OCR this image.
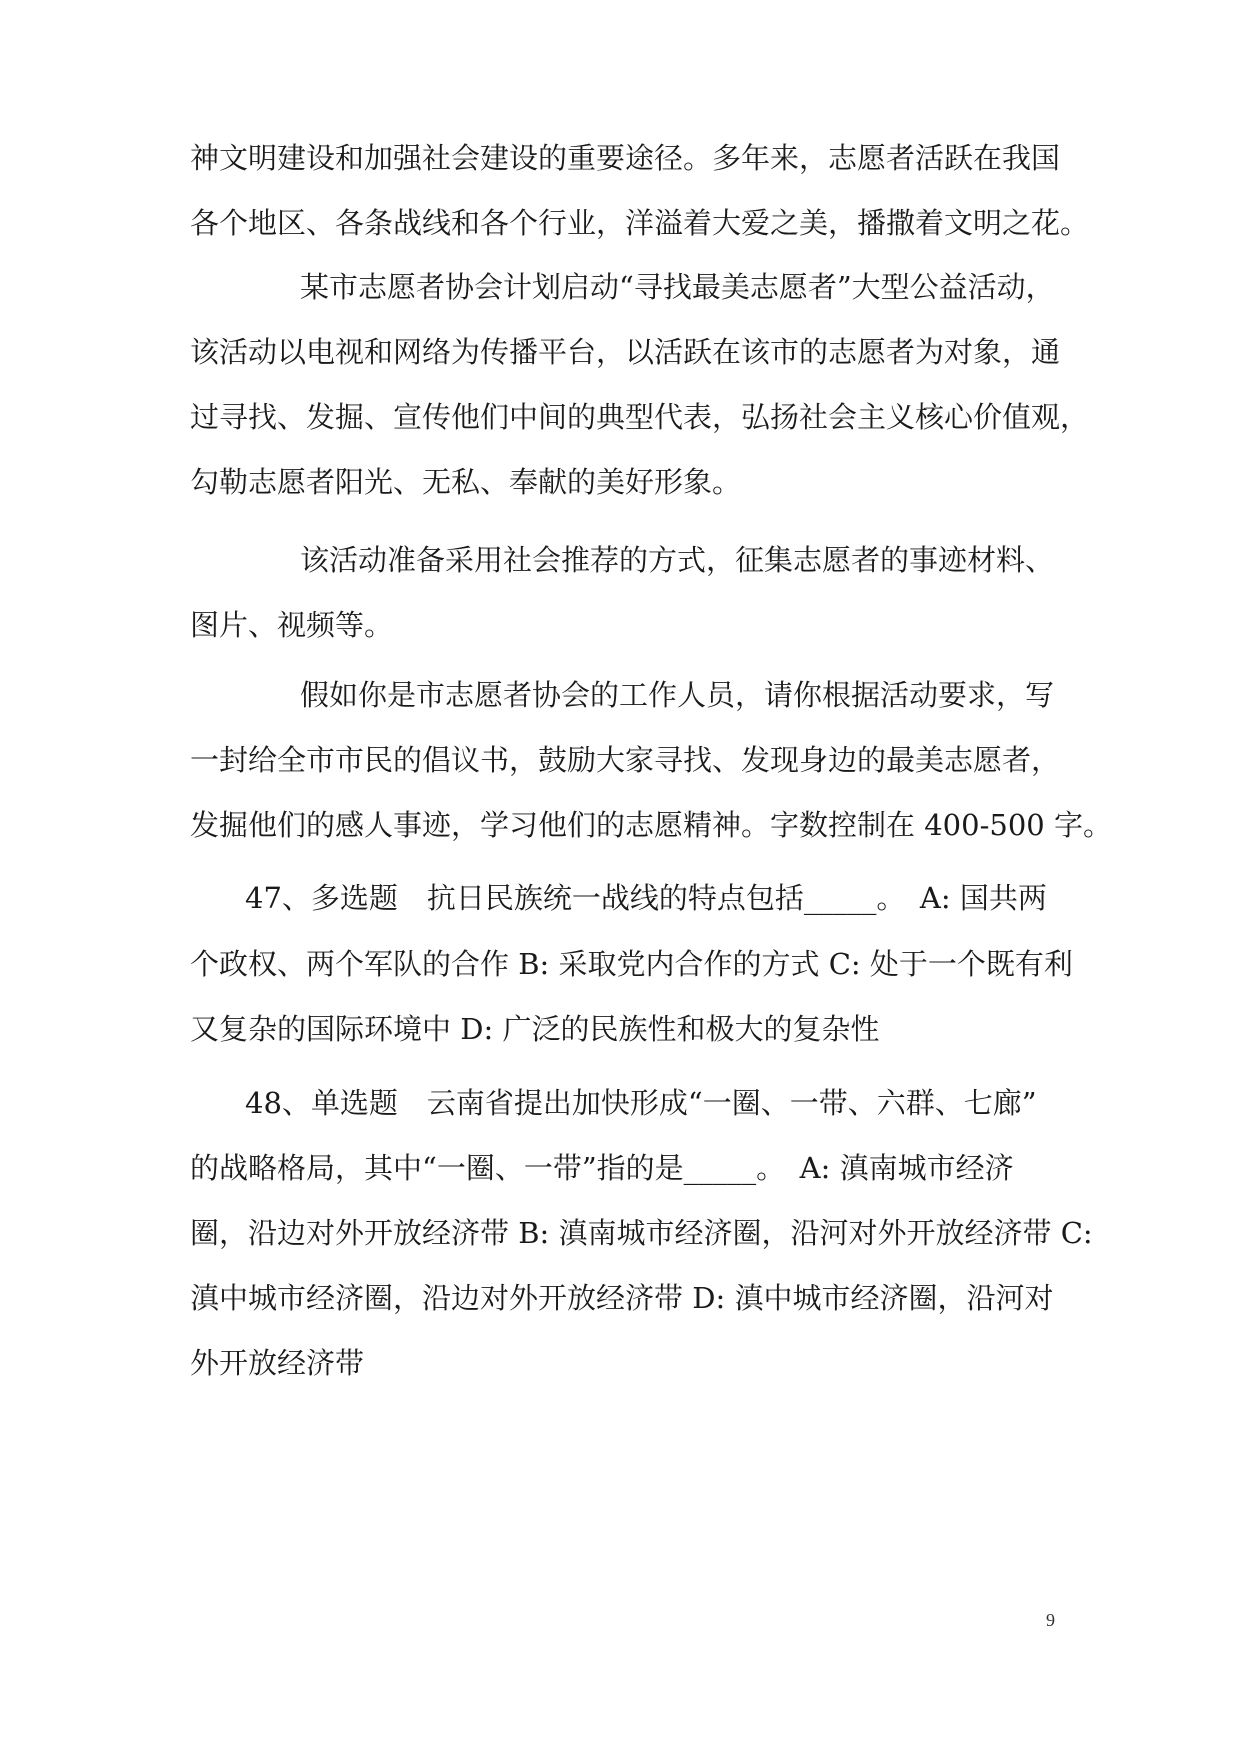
神文明建设和加强社会建设的重要途径。多年来，志愿者活跃在我国
各个地区、各条战线和各个行业，洋溢着大爱之美，播撒着文明之花。
某市志愿者协会计划启动“寻找最美志愿者”大型公益活动，
该活动以电视和网络为传播平台，以活跃在该市的志愿者为对象，通
过寻找、发掘、宣传他们中间的典型代表，弘扬社会主义核心价值观，
勾勒志愿者阳光、无私、奉献的美好形象。
该活动准备采用社会推荐的方式，征集志愿者的事迹材料、
图片、视频等。
假如你是市志愿者协会的工作人员，请你根据活动要求，写
一封给全市市民的倡议书，鼓励大家寻找、发现身边的最美志愿者，
发掘他们的感人事迹，学习他们的志愿精神。字数控制在 400-500 字。
47、多选题　抗日民族统一战线的特点包括_____。　A: 国共两
个政权、两个军队的合作 B: 采取党内合作的方式 C: 处于一个既有利
又复杂的国际环境中 D: 广泛的民族性和极大的复杂性
48、单选题　云南省提出加快形成“一圈、一带、六群、七廊”
的战略格局，其中“一圈、一带”指的是_____。　A: 滇南城市经济
圈，沿边对外开放经济带 B: 滇南城市经济圈，沿河对外开放经济带 C:
滇中城市经济圈，沿边对外开放经济带 D: 滇中城市经济圈，沿河对
外开放经济带
9
